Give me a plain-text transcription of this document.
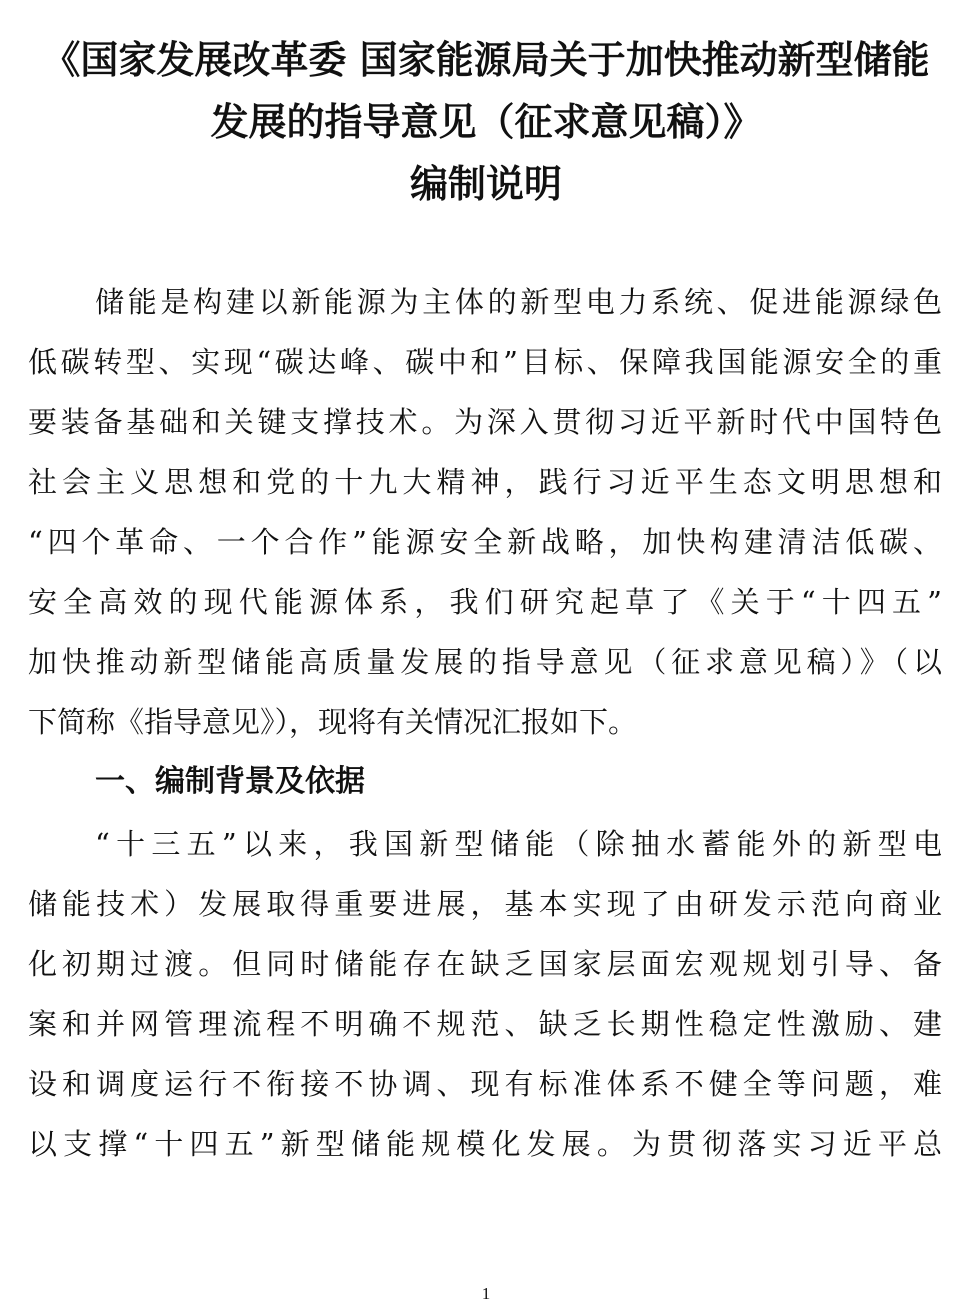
《国家发展改革委 国家能源局关于加快推动新型储能
发展的指导意见（征求意见稿）》
编制说明
储能是构建以新能源为主体的新型电力系统、促进能源绿色
低碳转型、实现“碳达峰、碳中和”目标、保障我国能源安全的重
要装备基础和关键支撑技术。为深入贯彻习近平新时代中国特色
社会主义思想和党的十九大精神，践行习近平生态文明思想和
“四个革命、一个合作”能源安全新战略，加快构建清洁低碳、
安全高效的现代能源体系，我们研究起草了《关于“十四五”
加快推动新型储能高质量发展的指导意见（征求意见稿）》（以
下简称《指导意见》），现将有关情况汇报如下。
一、编制背景及依据
“十三五”以来，我国新型储能（除抽水蓄能外的新型电
储能技术）发展取得重要进展，基本实现了由研发示范向商业
化初期过渡。但同时储能存在缺乏国家层面宏观规划引导、备
案和并网管理流程不明确不规范、缺乏长期性稳定性激励、建
设和调度运行不衔接不协调、现有标准体系不健全等问题，难
以支撑“十四五”新型储能规模化发展。为贯彻落实习近平总
1
